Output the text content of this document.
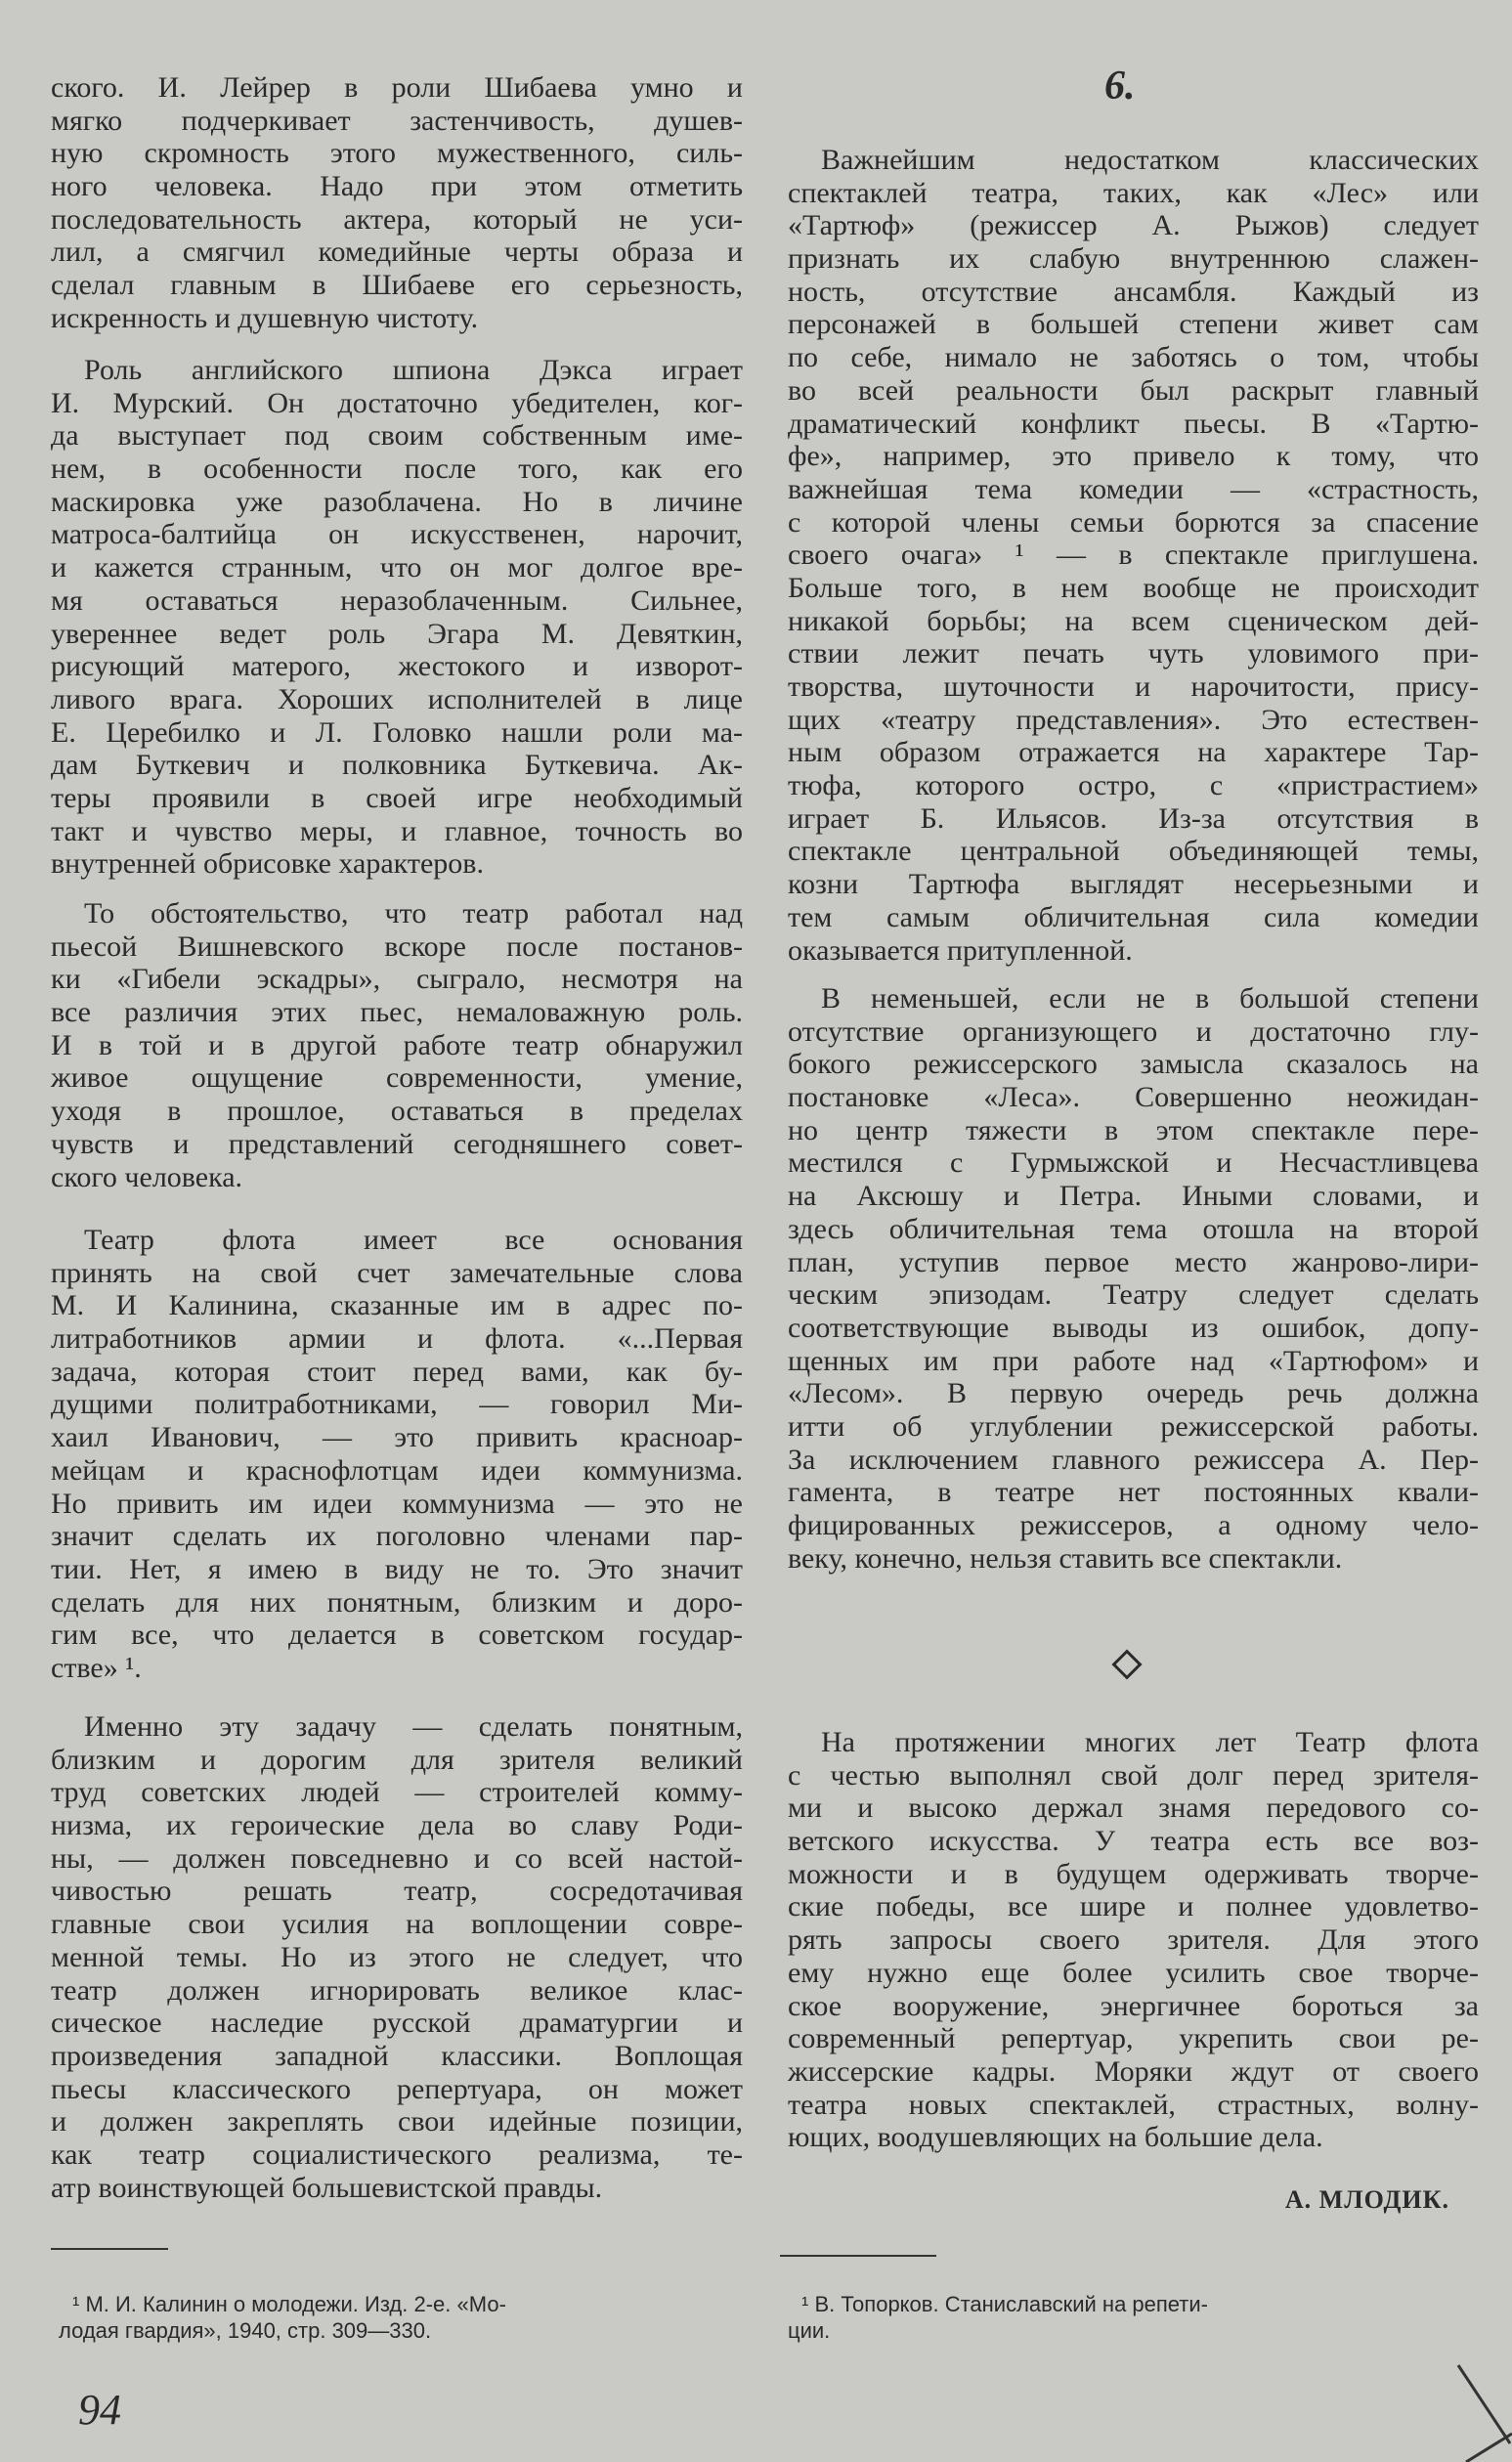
ского. И. Лейрер в роли Шибаева умно и
мягко подчеркивает застенчивость, душев-
ную скромность этого мужественного, силь-
ного человека. Надо при этом отметить
последовательность актера, который не уси-
лил, а смягчил комедийные черты образа и
сделал главным в Шибаеве его серьезность,
искренность и душевную чистоту.
Роль английского шпиона Дэкса играет
И. Мурский. Он достаточно убедителен, ког-
да выступает под своим собственным име-
нем, в особенности после того, как его
маскировка уже разоблачена. Но в личине
матроса-балтийца он искусственен, нарочит,
и кажется странным, что он мог долгое вре-
мя оставаться неразоблаченным. Сильнее,
увереннее ведет роль Эгара М. Девяткин,
рисующий матерого, жестокого и изворот-
ливого врага. Хороших исполнителей в лице
Е. Церебилко и Л. Головко нашли роли ма-
дам Буткевич и полковника Буткевича. Ак-
теры проявили в своей игре необходимый
такт и чувство меры, и главное, точность во
внутренней обрисовке характеров.
То обстоятельство, что театр работал над
пьесой Вишневского вскоре после постанов-
ки «Гибели эскадры», сыграло, несмотря на
все различия этих пьес, немаловажную роль.
И в той и в другой работе театр обнаружил
живое ощущение современности, умение,
уходя в прошлое, оставаться в пределах
чувств и представлений сегодняшнего совет-
ского человека.
Театр флота имеет все основания
принять на свой счет замечательные слова
М. И Калинина, сказанные им в адрес по-
литработников армии и флота. «...Первая
задача, которая стоит перед вами, как бу-
дущими политработниками, — говорил Ми-
хаил Иванович, — это привить красноар-
мейцам и краснофлотцам идеи коммунизма.
Но привить им идеи коммунизма — это не
значит сделать их поголовно членами пар-
тии. Нет, я имею в виду не то. Это значит
сделать для них понятным, близким и доро-
гим все, что делается в советском государ-
стве» ¹.
Именно эту задачу — сделать понятным,
близким и дорогим для зрителя великий
труд советских людей — строителей комму-
низма, их героические дела во славу Роди-
ны, — должен повседневно и со всей настой-
чивостью решать театр, сосредотачивая
главные свои усилия на воплощении совре-
менной темы. Но из этого не следует, что
театр должен игнорировать великое клас-
сическое наследие русской драматургии и
произведения западной классики. Воплощая
пьесы классического репертуара, он может
и должен закреплять свои идейные позиции,
как театр социалистического реализма, те-
атр воинствующей большевистской правды.
Важнейшим недостатком классических
спектаклей театра, таких, как «Лес» или
«Тартюф» (режиссер А. Рыжов) следует
признать их слабую внутреннюю слажен-
ность, отсутствие ансамбля. Каждый из
персонажей в большей степени живет сам
по себе, нимало не заботясь о том, чтобы
во всей реальности был раскрыт главный
драматический конфликт пьесы. В «Тартю-
фе», например, это привело к тому, что
важнейшая тема комедии — «страстность,
с которой члены семьи борются за спасение
своего очага» ¹ — в спектакле приглушена.
Больше того, в нем вообще не происходит
никакой борьбы; на всем сценическом дей-
ствии лежит печать чуть уловимого при-
творства, шуточности и нарочитости, прису-
щих «театру представления». Это естествен-
ным образом отражается на характере Тар-
тюфа, которого остро, с «пристрастием»
играет Б. Ильясов. Из-за отсутствия в
спектакле центральной объединяющей темы,
козни Тартюфа выглядят несерьезными и
тем самым обличительная сила комедии
оказывается притупленной.
В неменьшей, если не в большой степени
отсутствие организующего и достаточно глу-
бокого режиссерского замысла сказалось на
постановке «Леса». Совершенно неожидан-
но центр тяжести в этом спектакле пере-
местился с Гурмыжской и Несчастливцева
на Аксюшу и Петра. Иными словами, и
здесь обличительная тема отошла на второй
план, уступив первое место жанрово-лири-
ческим эпизодам. Театру следует сделать
соответствующие выводы из ошибок, допу-
щенных им при работе над «Тартюфом» и
«Лесом». В первую очередь речь должна
итти об углублении режиссерской работы.
За исключением главного режиссера А. Пер-
гамента, в театре нет постоянных квали-
фицированных режиссеров, а одному чело-
веку, конечно, нельзя ставить все спектакли.
На протяжении многих лет Театр флота
с честью выполнял свой долг перед зрителя-
ми и высоко держал знамя передового со-
ветского искусства. У театра есть все воз-
можности и в будущем одерживать творче-
ские победы, все шире и полнее удовлетво-
рять запросы своего зрителя. Для этого
ему нужно еще более усилить свое творче-
ское вооружение, энергичнее бороться за
современный репертуар, укрепить свои ре-
жиссерские кадры. Моряки ждут от своего
театра новых спектаклей, страстных, волну-
ющих, воодушевляющих на большие дела.
6.
А. МЛОДИК.
¹ М. И. Калинин о молодежи. Изд. 2-е. «Мо-
лодая гвардия», 1940, стр. 309—330.
¹ В. Топорков. Станиславский на репети-
ции.
94
